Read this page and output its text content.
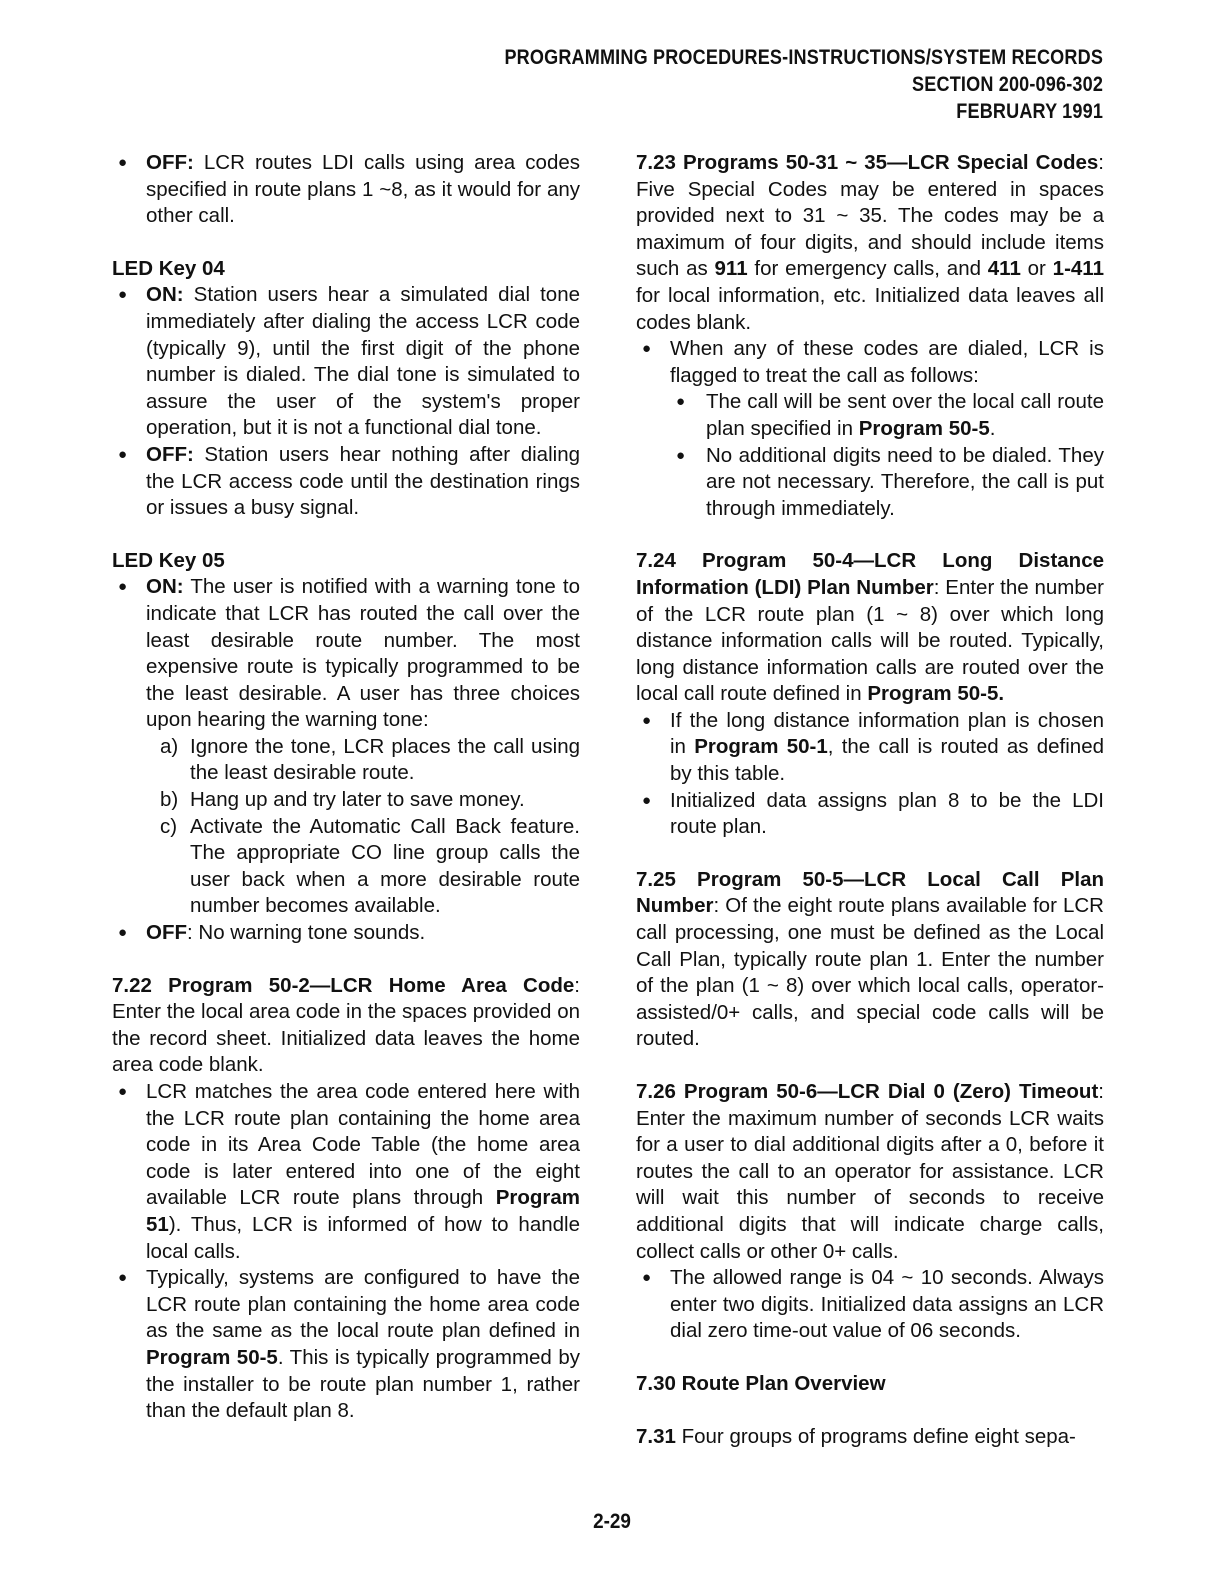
PROGRAMMING PROCEDURES-INSTRUCTIONS/SYSTEM RECORDS
SECTION 200-096-302
FEBRUARY 1991
● OFF: LCR routes LDI calls using area codes specified in route plans 1 ~8, as it would for any other call.

LED Key 04

● ON: Station users hear a simulated dial tone immediately after dialing the access LCR code (typically 9), until the first digit of the phone number is dialed. The dial tone is simulated to assure the user of the system's proper operation, but it is not a functional dial tone.
● OFF: Station users hear nothing after dialing the LCR access code until the destination rings or issues a busy signal.

LED Key 05

● ON: The user is notified with a warning tone to indicate that LCR has routed the call over the least desirable route number. The most expensive route is typically programmed to be the least desirable. A user has three choices upon hearing the warning tone:
a) Ignore the tone, LCR places the call using the least desirable route.
b) Hang up and try later to save money.
c) Activate the Automatic Call Back feature. The appropriate CO line group calls the user back when a more desirable route number becomes available.
● OFF: No warning tone sounds.

7.22 Program 50-2—LCR Home Area Code: Enter the local area code in the spaces provided on the record sheet. Initialized data leaves the home area code blank.

● LCR matches the area code entered here with the LCR route plan containing the home area code in its Area Code Table (the home area code is later entered into one of the eight available LCR route plans through Program 51). Thus, LCR is informed of how to handle local calls.
● Typically, systems are configured to have the LCR route plan containing the home area code as the same as the local route plan defined in Program 50-5. This is typically programmed by the installer to be route plan number 1, rather than the default plan 8.

7.23 Programs 50-31 ~ 35—LCR Special Codes: Five Special Codes may be entered in spaces provided next to 31 ~ 35. The codes may be a maximum of four digits, and should include items such as 911 for emergency calls, and 411 or 1-411 for local information, etc. Initialized data leaves all codes blank.

● When any of these codes are dialed, LCR is flagged to treat the call as follows:
● The call will be sent over the local call route plan specified in Program 50-5.
● No additional digits need to be dialed. They are not necessary. Therefore, the call is put through immediately.

7.24 Program 50-4—LCR Long Distance Information (LDI) Plan Number: Enter the number of the LCR route plan (1 ~ 8) over which long distance information calls will be routed. Typically, long distance information calls are routed over the local call route defined in Program 50-5.

● If the long distance information plan is chosen in Program 50-1, the call is routed as defined by this table.
● Initialized data assigns plan 8 to be the LDI route plan.

7.25 Program 50-5—LCR Local Call Plan Number: Of the eight route plans available for LCR call processing, one must be defined as the Local Call Plan, typically route plan 1. Enter the number of the plan (1 ~ 8) over which local calls, operator-assisted/0+ calls, and special code calls will be routed.

7.26 Program 50-6—LCR Dial 0 (Zero) Timeout: Enter the maximum number of seconds LCR waits for a user to dial additional digits after a 0, before it routes the call to an operator for assistance. LCR will wait this number of seconds to receive additional digits that will indicate charge calls, collect calls or other 0+ calls.

● The allowed range is 04 ~ 10 seconds. Always enter two digits. Initialized data assigns an LCR dial zero time-out value of 06 seconds.

7.30 Route Plan Overview

7.31 Four groups of programs define eight sepa-

2-29
